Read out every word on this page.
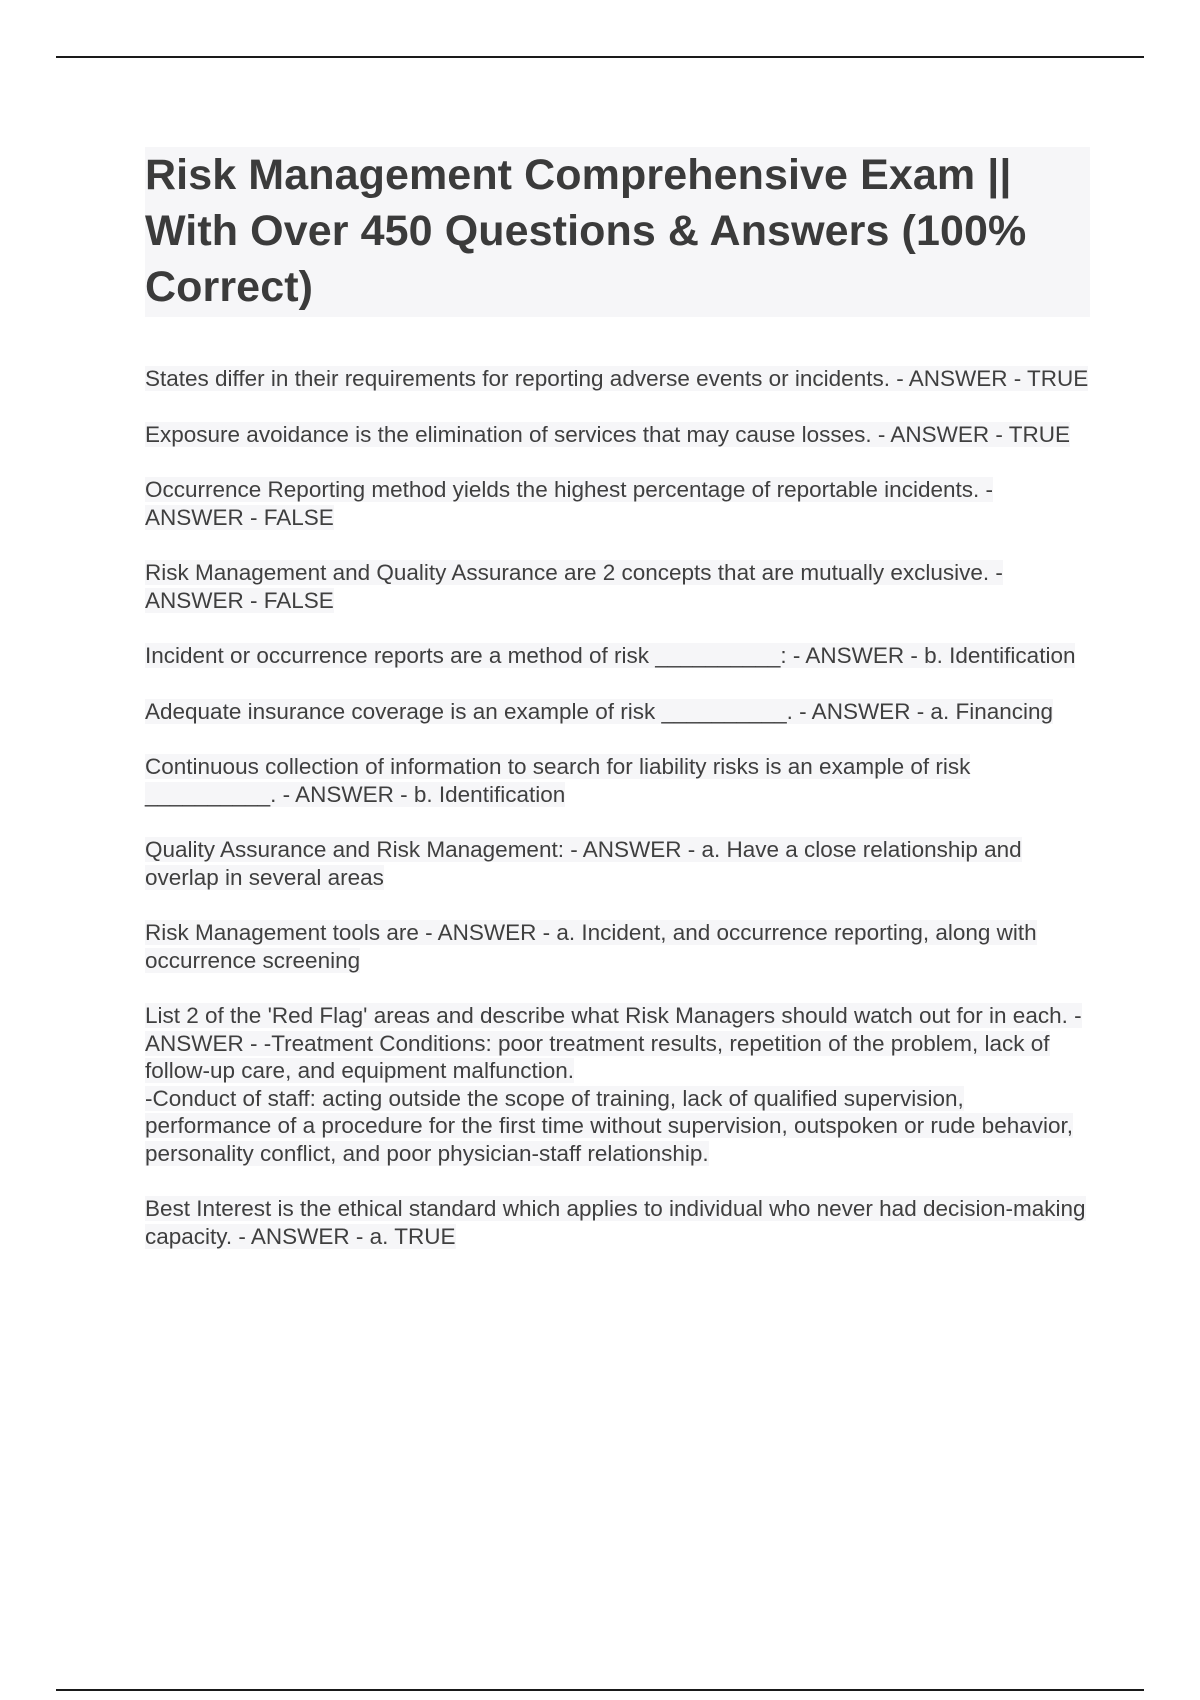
Risk Management Comprehensive Exam || With Over 450 Questions & Answers (100% Correct)
States differ in their requirements for reporting adverse events or incidents. - ANSWER - TRUE
Exposure avoidance is the elimination of services that may cause losses. - ANSWER - TRUE
Occurrence Reporting method yields the highest percentage of reportable incidents. - ANSWER - FALSE
Risk Management and Quality Assurance are 2 concepts that are mutually exclusive. - ANSWER - FALSE
Incident or occurrence reports are a method of risk __________: - ANSWER - b. Identification
Adequate insurance coverage is an example of risk __________. - ANSWER - a. Financing
Continuous collection of information to search for liability risks is an example of risk __________. - ANSWER - b. Identification
Quality Assurance and Risk Management: - ANSWER - a. Have a close relationship and overlap in several areas
Risk Management tools are - ANSWER - a. Incident, and occurrence reporting, along with occurrence screening
List 2 of the 'Red Flag' areas and describe what Risk Managers should watch out for in each. - ANSWER - -Treatment Conditions: poor treatment results, repetition of the problem, lack of follow-up care, and equipment malfunction.
-Conduct of staff: acting outside the scope of training, lack of qualified supervision, performance of a procedure for the first time without supervision, outspoken or rude behavior, personality conflict, and poor physician-staff relationship.
Best Interest is the ethical standard which applies to individual who never had decision-making capacity. - ANSWER - a. TRUE
